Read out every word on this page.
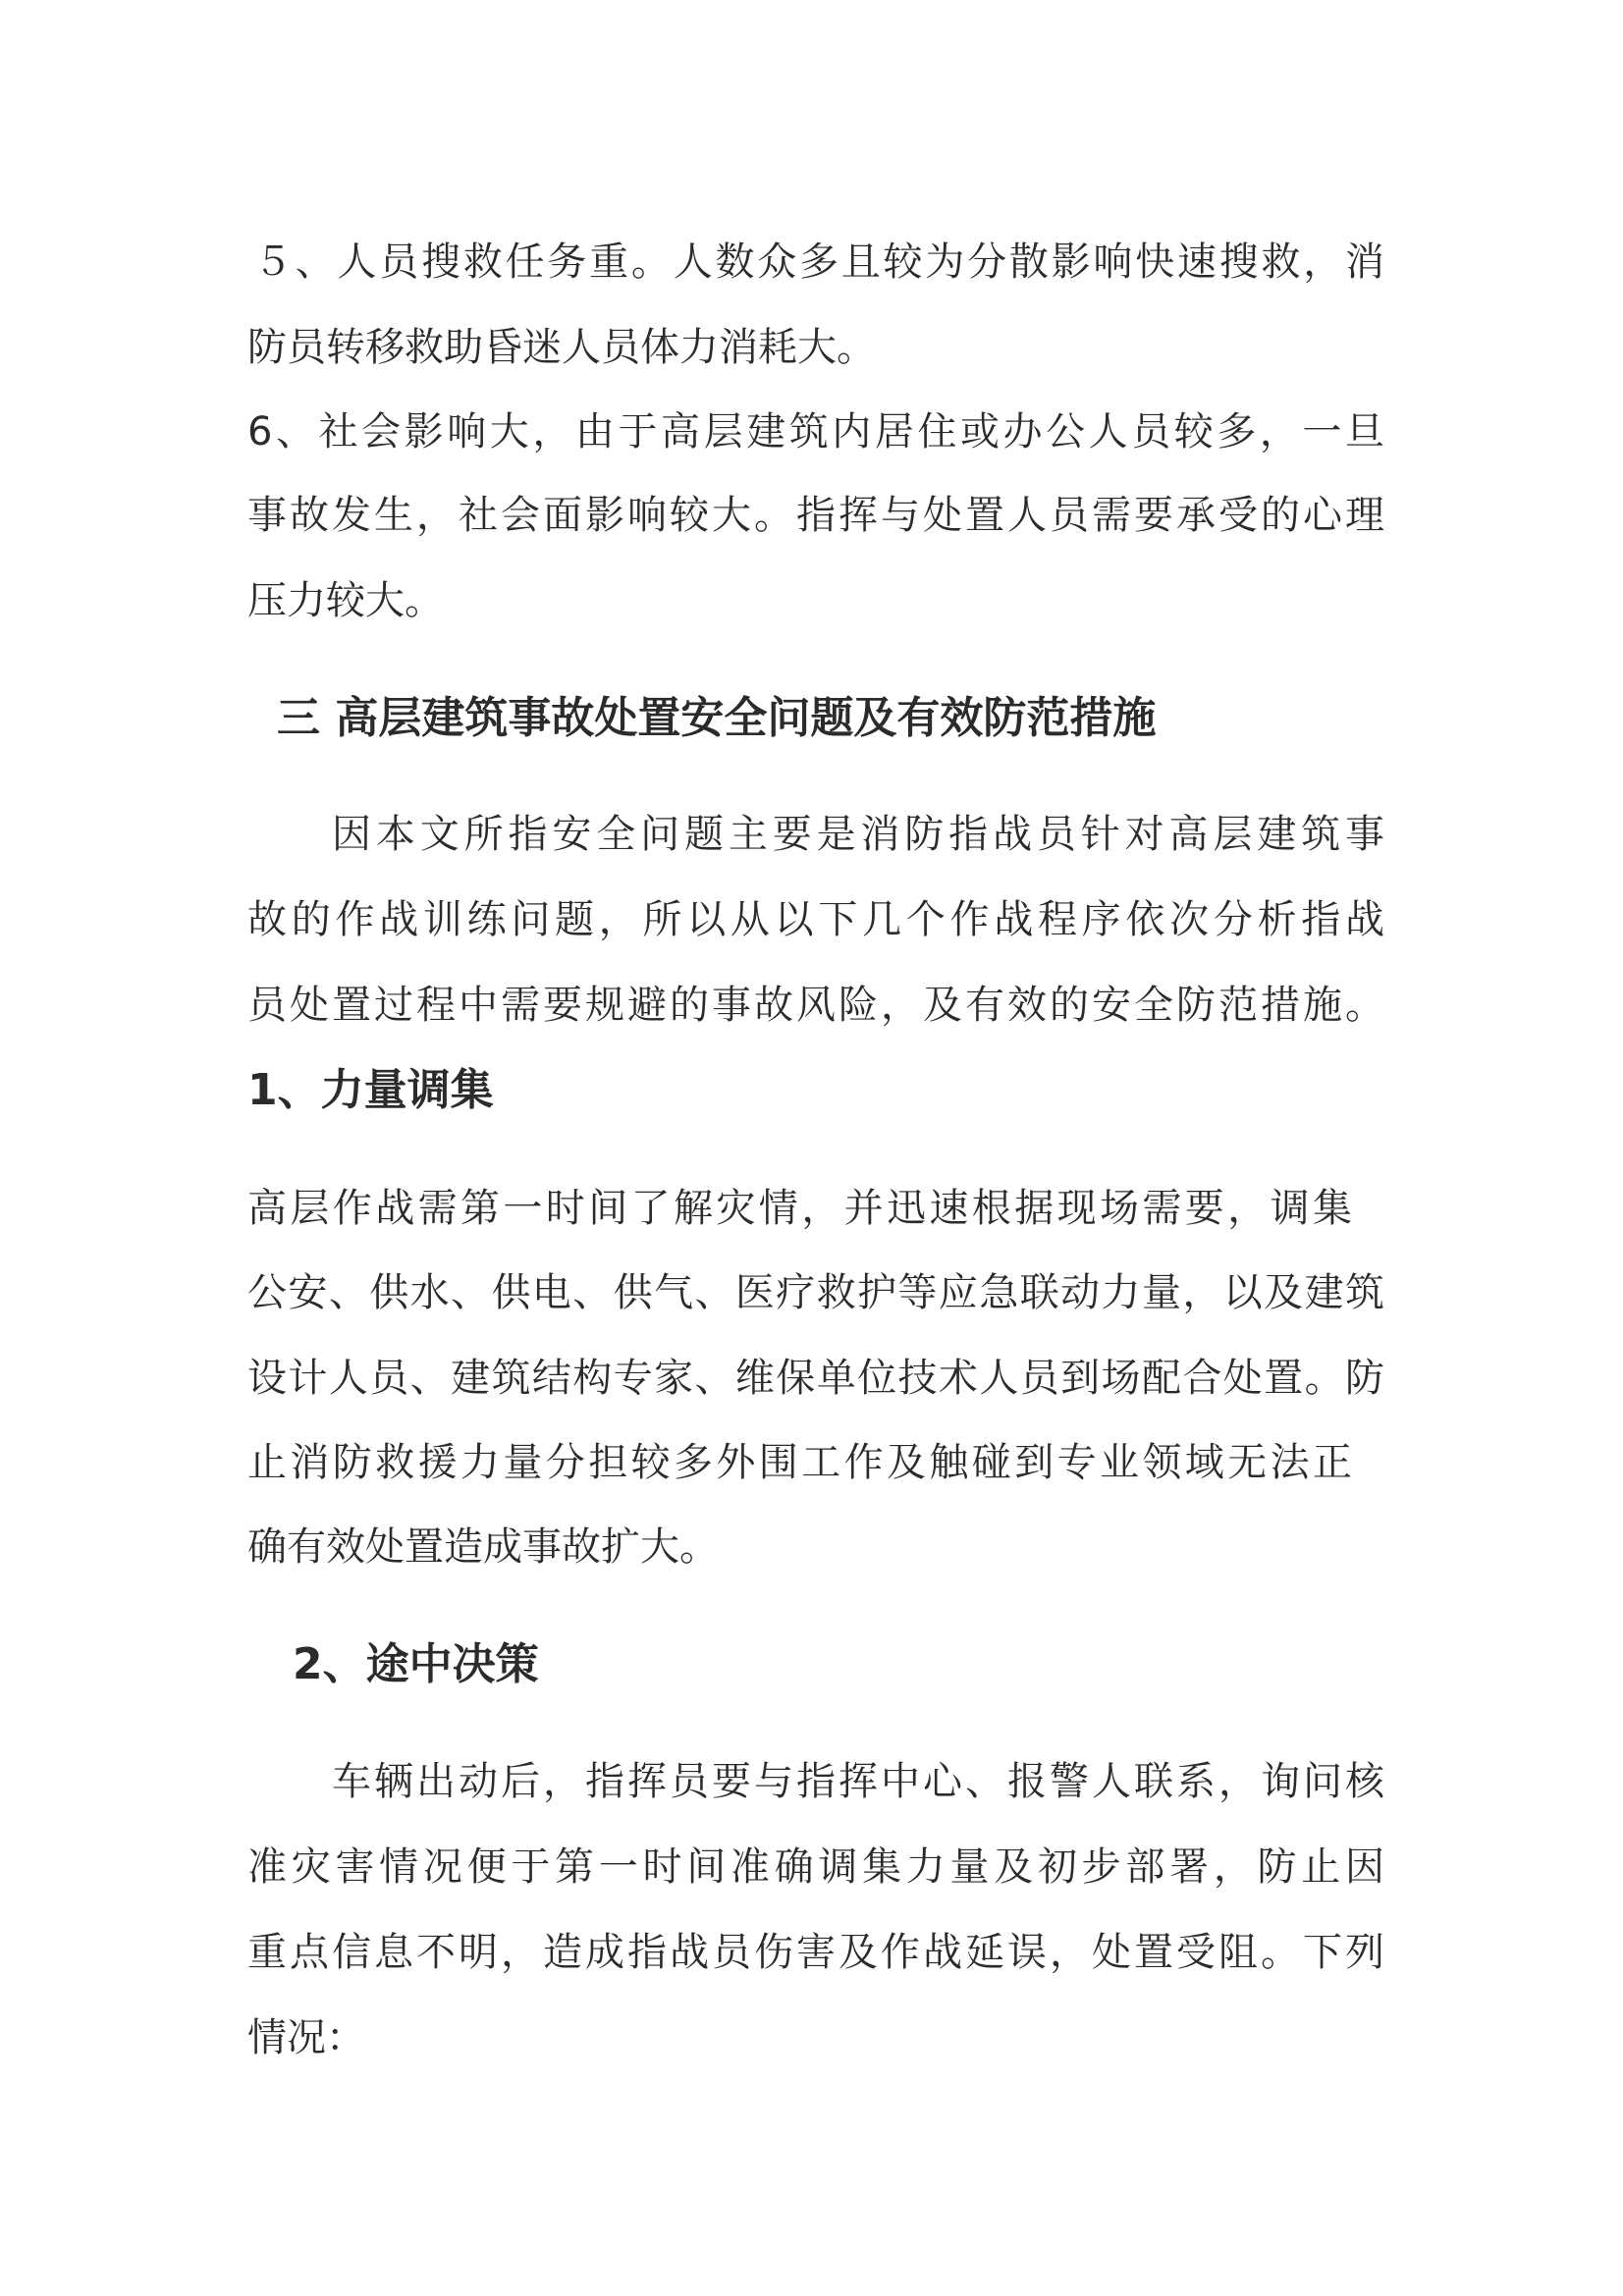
５、人员搜救任务重。人数众多且较为分散影响快速搜救，消
防员转移救助昏迷人员体力消耗大。
6、社会影响大，由于高层建筑内居住或办公人员较多，一旦
事故发生，社会面影响较大。指挥与处置人员需要承受的心理
压力较大。
三 高层建筑事故处置安全问题及有效防范措施
因本文所指安全问题主要是消防指战员针对高层建筑事
故的作战训练问题，所以从以下几个作战程序依次分析指战
员处置过程中需要规避的事故风险，及有效的安全防范措施。
1、力量调集
高层作战需第一时间了解灾情，并迅速根据现场需要，调集
公安、供水、供电、供气、医疗救护等应急联动力量，以及建筑
设计人员、建筑结构专家、维保单位技术人员到场配合处置。防
止消防救援力量分担较多外围工作及触碰到专业领域无法正
确有效处置造成事故扩大。
2、途中决策
车辆出动后，指挥员要与指挥中心、报警人联系，询问核
准灾害情况便于第一时间准确调集力量及初步部署，防止因
重点信息不明，造成指战员伤害及作战延误，处置受阻。下列
情况：
